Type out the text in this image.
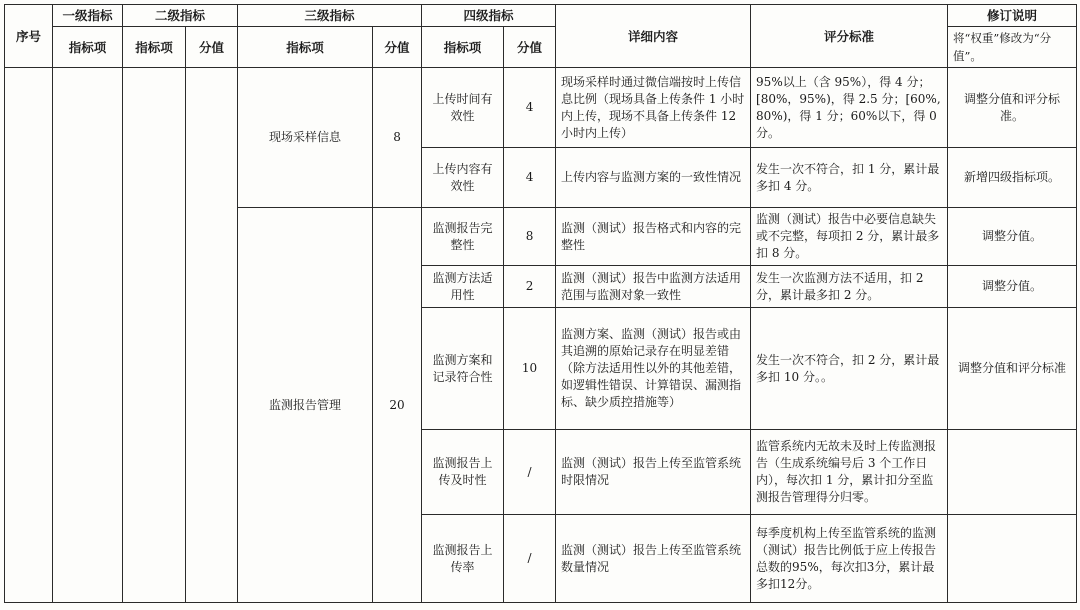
序号	一级指标	二级指标		三级指标		四级指标		详细内容	评分标准	修订说明
	指标项	指标项	分值	指标项	分值	指标项	分值			将“权重”修改为“分值”。
				现场采样信息	8	上传时间有效性	4	现场采样时通过微信端按时上传信息比例（现场具备上传条件 1 小时内上传，现场不具备上传条件 12 小时内上传）	95%以上（含 95%），得 4 分；[80%，95%)，得 2.5 分；[60%,80%)，得 1 分；60%以下，得 0 分。	调整分值和评分标准。
						上传内容有效性	4	上传内容与监测方案的一致性情况	发生一次不符合，扣 1 分，累计最多扣 4 分。	新增四级指标项。
				监测报告管理	20	监测报告完整性	8	监测（测试）报告格式和内容的完整性	监测（测试）报告中必要信息缺失或不完整，每项扣 2 分，累计最多扣 8 分。	调整分值。
						监测方法适用性	2	监测（测试）报告中监测方法适用范围与监测对象一致性	发生一次监测方法不适用，扣 2 分，累计最多扣 2 分。	调整分值。
						监测方案和记录符合性	10	监测方案、监测（测试）报告或由其追溯的原始记录存在明显差错（除方法适用性以外的其他差错，如逻辑性错误、计算错误、漏测指标、缺少质控措施等）	发生一次不符合，扣 2 分，累计最多扣 10 分。。	调整分值和评分标准
						监测报告上传及时性	/	监测（测试）报告上传至监管系统时限情况	监管系统内无故未及时上传监测报告（生成系统编号后 3 个工作日内），每次扣 1 分，累计扣分至监测报告管理得分归零。	
						监测报告上传率	/	监测（测试）报告上传至监管系统数量情况	每季度机构上传至监管系统的监测（测试）报告比例低于应上传报告总数的95%，每次扣3分，累计最多扣12分。	
